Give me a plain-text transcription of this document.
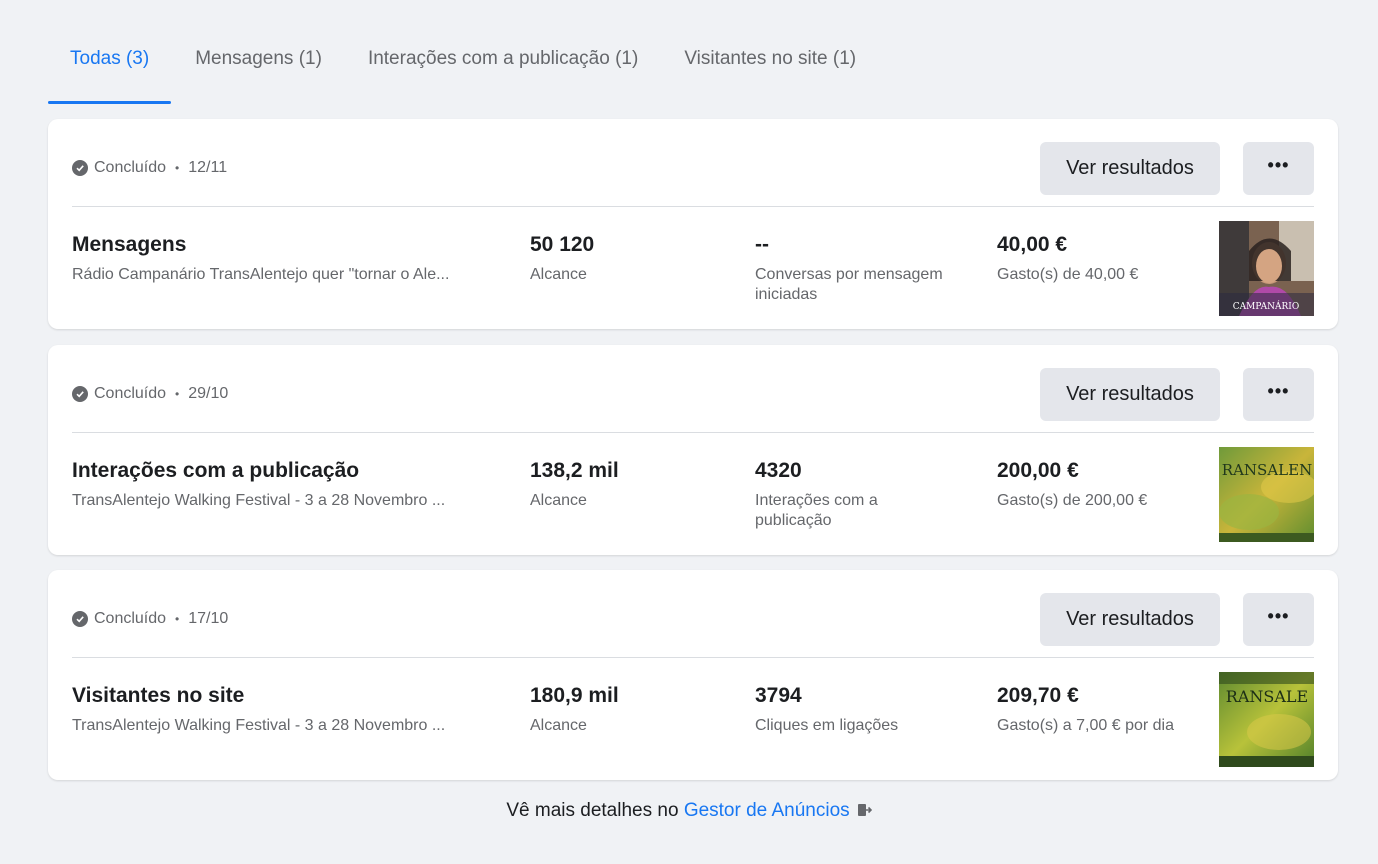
Todas (3)	Mensagens (1)	Interações com a publicação (1)	Visitantes no site (1)
Concluído • 12/11	Ver resultados	•••
Mensagens
Rádio Campanário TransAlentejo quer "tornar o Ale...
50 120
Alcance
--
Conversas por mensagem iniciadas
40,00 €
Gasto(s) de 40,00 €
CAMPANÁRIO
Concluído • 29/10	Ver resultados	•••
Interações com a publicação
TransAlentejo Walking Festival - 3 a 28 Novembro ...
138,2 mil
Alcance
4320
Interações com a publicação
200,00 €
Gasto(s) de 200,00 €
RANSALEN
Concluído • 17/10	Ver resultados	•••
Visitantes no site
TransAlentejo Walking Festival - 3 a 28 Novembro ...
180,9 mil
Alcance
3794
Cliques em ligações
209,70 €
Gasto(s) a 7,00 € por dia
RANSALE
Vê mais detalhes no Gestor de Anúncios
